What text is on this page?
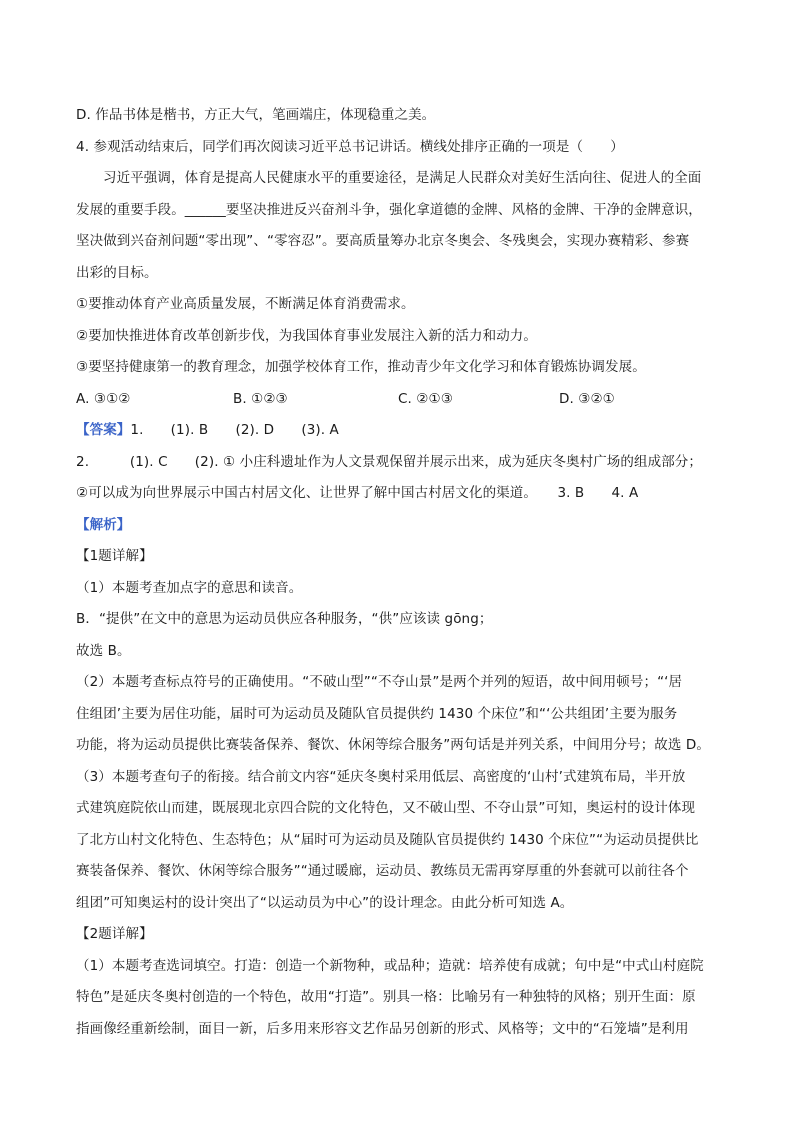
D. 作品书体是楷书，方正大气，笔画端庄，体现稳重之美。
4. 参观活动结束后，同学们再次阅读习近平总书记讲话。横线处排序正确的一项是（　　）
习近平强调，体育是提高人民健康水平的重要途径，是满足人民群众对美好生活向往、促进人的全面
发展的重要手段。______要坚决推进反兴奋剂斗争，强化拿道德的金牌、风格的金牌、干净的金牌意识，
坚决做到兴奋剂问题“零出现”、“零容忍”。要高质量筹办北京冬奥会、冬残奥会，实现办赛精彩、参赛
出彩的目标。
①要推动体育产业高质量发展，不断满足体育消费需求。
②要加快推进体育改革创新步伐，为我国体育事业发展注入新的活力和动力。
③要坚持健康第一的教育理念，加强学校体育工作，推动青少年文化学习和体育锻炼协调发展。
A. ③①②	B. ①②③	C. ②①③	D. ③②①
【答案】1.　　(1). B　　(2). D　　(3). A
2.　　　(1). C　　(2). ① 小庄科遗址作为人文景观保留并展示出来，成为延庆冬奥村广场的组成部分；
②可以成为向世界展示中国古村居文化、让世界了解中国古村居文化的渠道。　　3. B　　4. A
【解析】
【1题详解】
（1）本题考查加点字的意思和读音。
B．“提供”在文中的意思为运动员供应各种服务，“供”应该读 gōng；
故选 B。
（2）本题考查标点符号的正确使用。“不破山型”“不夺山景”是两个并列的短语，故中间用顿号；“‘居
住组团’主要为居住功能，届时可为运动员及随队官员提供约 1430 个床位”和“‘公共组团’主要为服务
功能，将为运动员提供比赛装备保养、餐饮、休闲等综合服务”两句话是并列关系，中间用分号；故选 D。
（3）本题考查句子的衔接。结合前文内容“延庆冬奥村采用低层、高密度的‘山村’式建筑布局，半开放
式建筑庭院依山而建，既展现北京四合院的文化特色，又不破山型、不夺山景”可知，奥运村的设计体现
了北方山村文化特色、生态特色；从“届时可为运动员及随队官员提供约 1430 个床位”“为运动员提供比
赛装备保养、餐饮、休闲等综合服务”“通过暖廊，运动员、教练员无需再穿厚重的外套就可以前往各个
组团”可知奥运村的设计突出了“以运动员为中心”的设计理念。由此分析可知选 A。
【2题详解】
（1）本题考查选词填空。打造：创造一个新物种，或品种；造就：培养使有成就；句中是“中式山村庭院
特色”是延庆冬奥村创造的一个特色，故用“打造”。别具一格：比喻另有一种独特的风格；别开生面：原
指画像经重新绘制，面目一新，后多用来形容文艺作品另创新的形式、风格等；文中的“石笼墙”是利用
